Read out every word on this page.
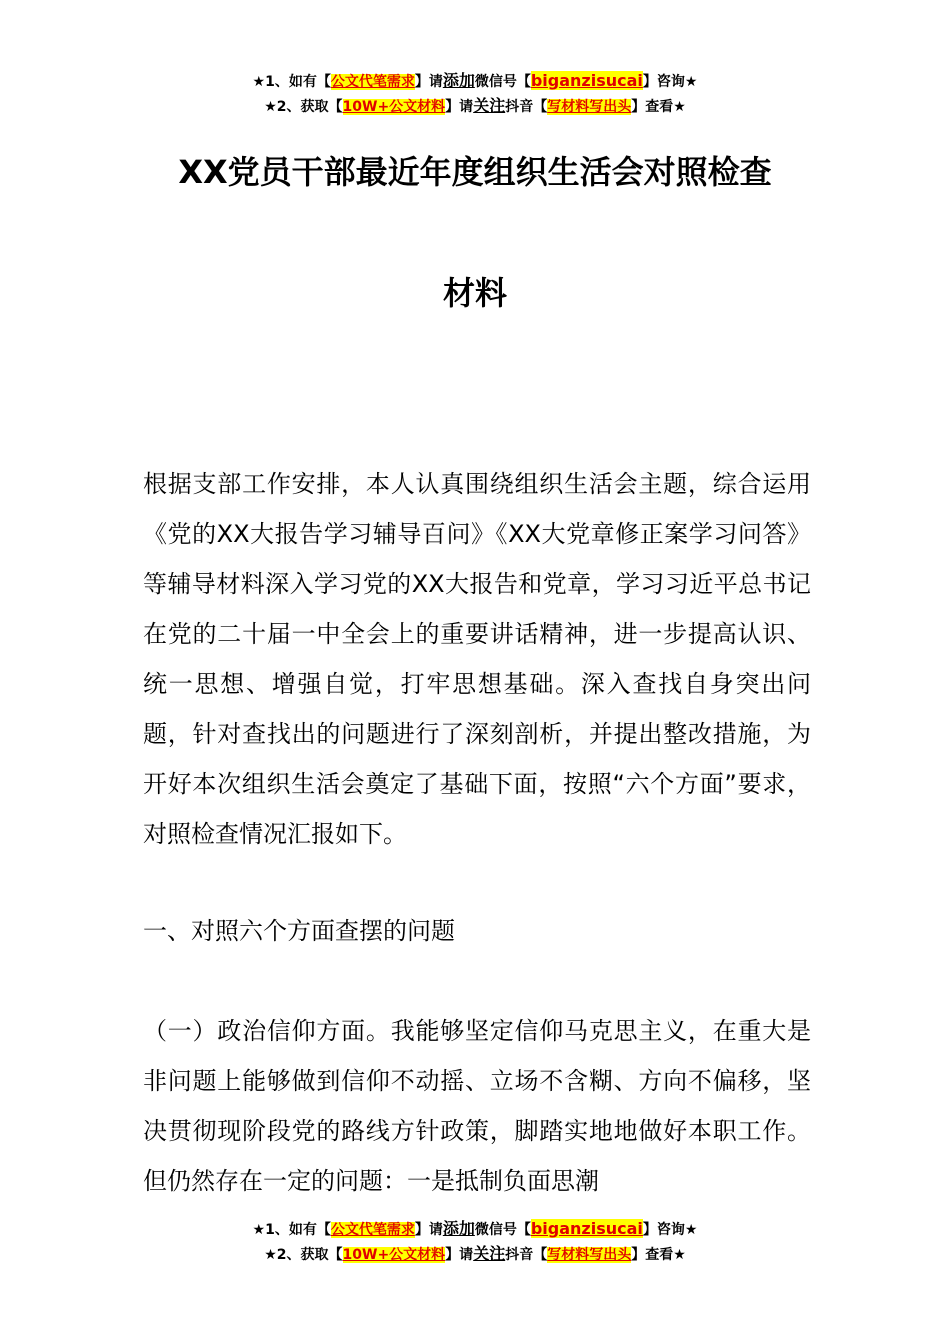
★1、如有【公文代笔需求】请添加微信号【biganzisucai】咨询★
★2、获取【10W+公文材料】请关注抖音【写材料写出头】查看★
XX党员干部最近年度组织生活会对照检查
材料
根据支部工作安排，本人认真围绕组织生活会主题，综合运用《党的XX大报告学习辅导百问》《XX大党章修正案学习问答》等辅导材料深入学习党的XX大报告和党章，学习习近平总书记在党的二十届一中全会上的重要讲话精神，进一步提高认识、统一思想、增强自觉，打牢思想基础。深入查找自身突出问题，针对查找出的问题进行了深刻剖析，并提出整改措施，为开好本次组织生活会奠定了基础下面，按照“六个方面”要求，对照检查情况汇报如下。
一、对照六个方面查摆的问题
（一）政治信仰方面。我能够坚定信仰马克思主义，在重大是非问题上能够做到信仰不动摇、立场不含糊、方向不偏移，坚决贯彻现阶段党的路线方针政策，脚踏实地地做好本职工作。但仍然存在一定的问题：一是抵制负面思潮
★1、如有【公文代笔需求】请添加微信号【biganzisucai】咨询★
★2、获取【10W+公文材料】请关注抖音【写材料写出头】查看★
